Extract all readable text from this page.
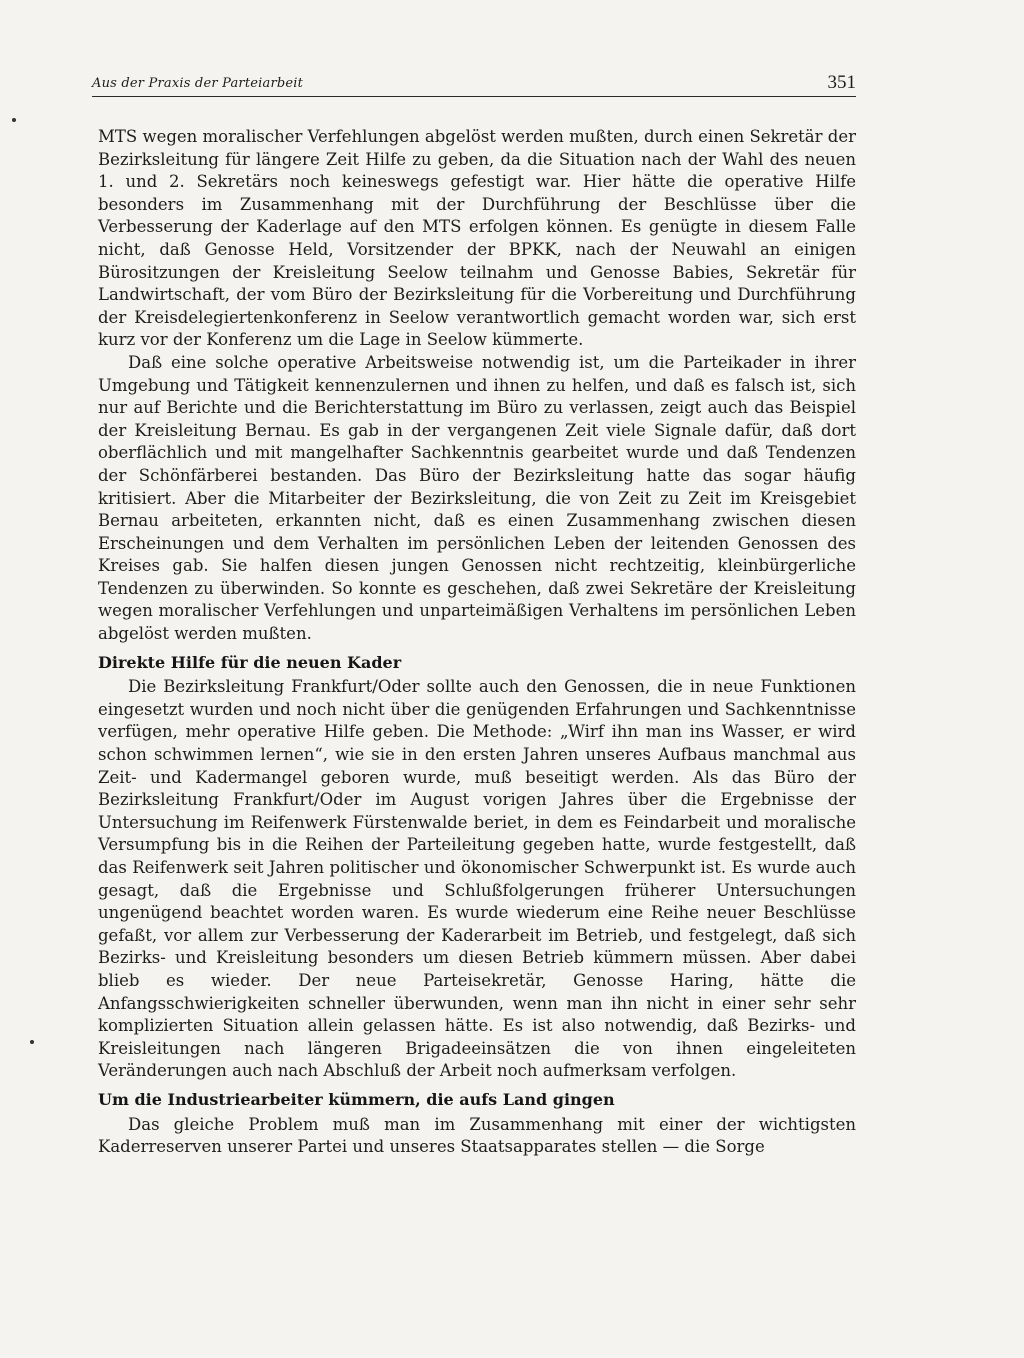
Aus der Praxis der Parteiarbeit	351

MTS wegen moralischer Verfehlungen abgelöst werden mußten, durch einen Sekretär der Bezirksleitung für längere Zeit Hilfe zu geben, da die Situation nach der Wahl des neuen 1. und 2. Sekretärs noch keineswegs gefestigt war. Hier hätte die operative Hilfe besonders im Zusammenhang mit der Durchführung der Beschlüsse über die Verbesserung der Kaderlage auf den MTS erfolgen können. Es genügte in diesem Falle nicht, daß Genosse Held, Vorsitzender der BPKK, nach der Neuwahl an einigen Bürositzungen der Kreisleitung Seelow teilnahm und Genosse Babies, Sekretär für Landwirtschaft, der vom Büro der Bezirksleitung für die Vorbereitung und Durchführung der Kreisdelegiertenkonferenz in Seelow verantwortlich gemacht worden war, sich erst kurz vor der Konferenz um die Lage in Seelow kümmerte.

Daß eine solche operative Arbeitsweise notwendig ist, um die Parteikader in ihrer Umgebung und Tätigkeit kennenzulernen und ihnen zu helfen, und daß es falsch ist, sich nur auf Berichte und die Berichterstattung im Büro zu verlassen, zeigt auch das Beispiel der Kreisleitung Bernau. Es gab in der vergangenen Zeit viele Signale dafür, daß dort oberflächlich und mit mangelhafter Sachkenntnis gearbeitet wurde und daß Tendenzen der Schönfärberei bestanden. Das Büro der Bezirksleitung hatte das sogar häufig kritisiert. Aber die Mitarbeiter der Bezirksleitung, die von Zeit zu Zeit im Kreisgebiet Bernau arbeiteten, erkannten nicht, daß es einen Zusammenhang zwischen diesen Erscheinungen und dem Verhalten im persönlichen Leben der leitenden Genossen des Kreises gab. Sie halfen diesen jungen Genossen nicht rechtzeitig, kleinbürgerliche Tendenzen zu überwinden. So konnte es geschehen, daß zwei Sekretäre der Kreisleitung wegen moralischer Verfehlungen und unparteimäßigen Verhaltens im persönlichen Leben abgelöst werden mußten.

Direkte Hilfe für die neuen Kader

Die Bezirksleitung Frankfurt/Oder sollte auch den Genossen, die in neue Funktionen eingesetzt wurden und noch nicht über die genügenden Erfahrungen und Sachkenntnisse verfügen, mehr operative Hilfe geben. Die Methode: „Wirf ihn man ins Wasser, er wird schon schwimmen lernen“, wie sie in den ersten Jahren unseres Aufbaus manchmal aus Zeit- und Kadermangel geboren wurde, muß beseitigt werden. Als das Büro der Bezirksleitung Frankfurt/Oder im August vorigen Jahres über die Ergebnisse der Untersuchung im Reifenwerk Fürstenwalde beriet, in dem es Feindarbeit und moralische Versumpfung bis in die Reihen der Parteileitung gegeben hatte, wurde festgestellt, daß das Reifenwerk seit Jahren politischer und ökonomischer Schwerpunkt ist. Es wurde auch gesagt, daß die Ergebnisse und Schlußfolgerungen früherer Untersuchungen ungenügend beachtet worden waren. Es wurde wiederum eine Reihe neuer Beschlüsse gefaßt, vor allem zur Verbesserung der Kaderarbeit im Betrieb, und festgelegt, daß sich Bezirks- und Kreisleitung besonders um diesen Betrieb kümmern müssen. Aber dabei blieb es wieder. Der neue Parteisekretär, Genosse Haring, hätte die Anfangsschwierigkeiten schneller überwunden, wenn man ihn nicht in einer sehr sehr komplizierten Situation allein gelassen hätte. Es ist also notwendig, daß Bezirks- und Kreisleitungen nach längeren Brigadeeinsätzen die von ihnen eingeleiteten Veränderungen auch nach Abschluß der Arbeit noch aufmerksam verfolgen.

Um die Industriearbeiter kümmern, die aufs Land gingen

Das gleiche Problem muß man im Zusammenhang mit einer der wichtigsten Kaderreserven unserer Partei und unseres Staatsapparates stellen — die Sorge
